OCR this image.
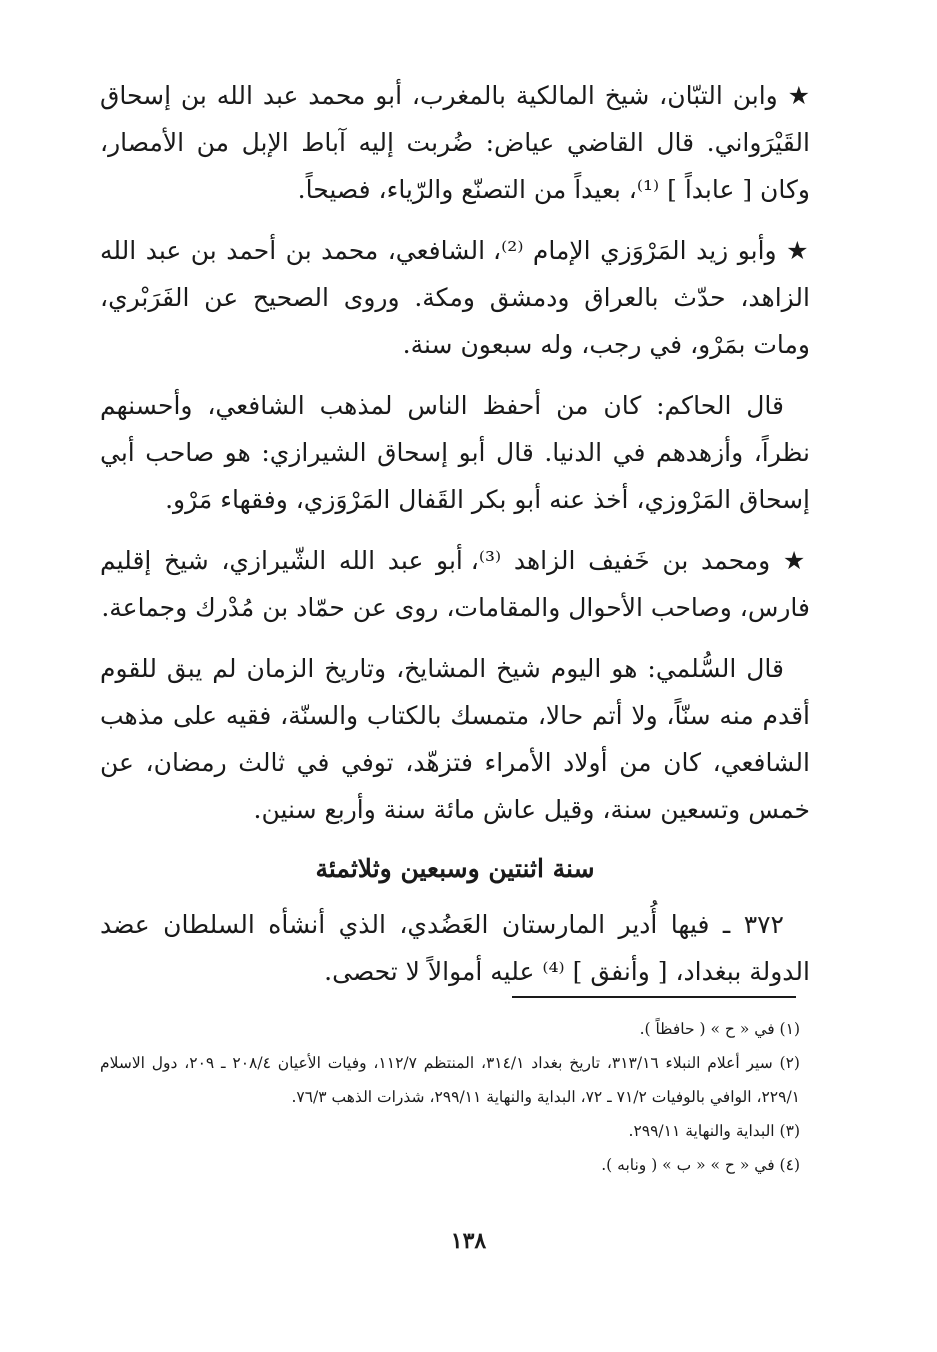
★ وابن التبّان، شيخ المالكية بالمغرب، أبو محمد عبد الله بن إسحاق القَيْرَواني. قال القاضي عياض: ضُربت إليه آباط الإبل من الأمصار، وكان [ عابداً ] ⁽¹⁾، بعيداً من التصنّع والرّياء، فصيحاً.

★ وأبو زيد المَرْوَزي الإمام ⁽²⁾، الشافعي، محمد بن أحمد بن عبد الله الزاهد، حدّث بالعراق ودمشق ومكة. وروى الصحيح عن الفَرَبْري، ومات بمَرْو، في رجب، وله سبعون سنة.

قال الحاكم: كان من أحفظ الناس لمذهب الشافعي، وأحسنهم نظراً، وأزهدهم في الدنيا. قال أبو إسحاق الشيرازي: هو صاحب أبي إسحاق المَرْوزي، أخذ عنه أبو بكر القَفال المَرْوَزي، وفقهاء مَرْو.

★ ومحمد بن خَفيف الزاهد ⁽³⁾، أبو عبد الله الشّيرازي، شيخ إقليم فارس، وصاحب الأحوال والمقامات، روى عن حمّاد بن مُدْرك وجماعة.

قال السُّلمي: هو اليوم شيخ المشايخ، وتاريخ الزمان لم يبق للقوم أقدم منه سنّاً، ولا أتم حالا، متمسك بالكتاب والسنّة، فقيه على مذهب الشافعي، كان من أولاد الأمراء فتزهّد، توفي في ثالث رمضان، عن خمس وتسعين سنة، وقيل عاش مائة سنة وأربع سنين.

سنة اثنتين وسبعين وثلاثمئة

٣٧٢ ـ فيها أُدير المارستان العَضُدي، الذي أنشأه السلطان عضد الدولة ببغداد، [ وأنفق ] ⁽⁴⁾ عليه أموالاً لا تحصى.

(١) في « ح » ( حافظاً ).

(٢) سير أعلام النبلاء ٣١٣/١٦، تاريخ بغداد ٣١٤/١، المنتظم ١١٢/٧، وفيات الأعيان ٢٠٨/٤ ـ ٢٠٩، دول الاسلام ٢٢٩/١، الوافي بالوفيات ٧١/٢ ـ ٧٢، البداية والنهاية ٢٩٩/١١، شذرات الذهب ٧٦/٣.

(٣) البداية والنهاية ٢٩٩/١١.

(٤) في « ح » « ب » ( ونابه ).

١٣٨
